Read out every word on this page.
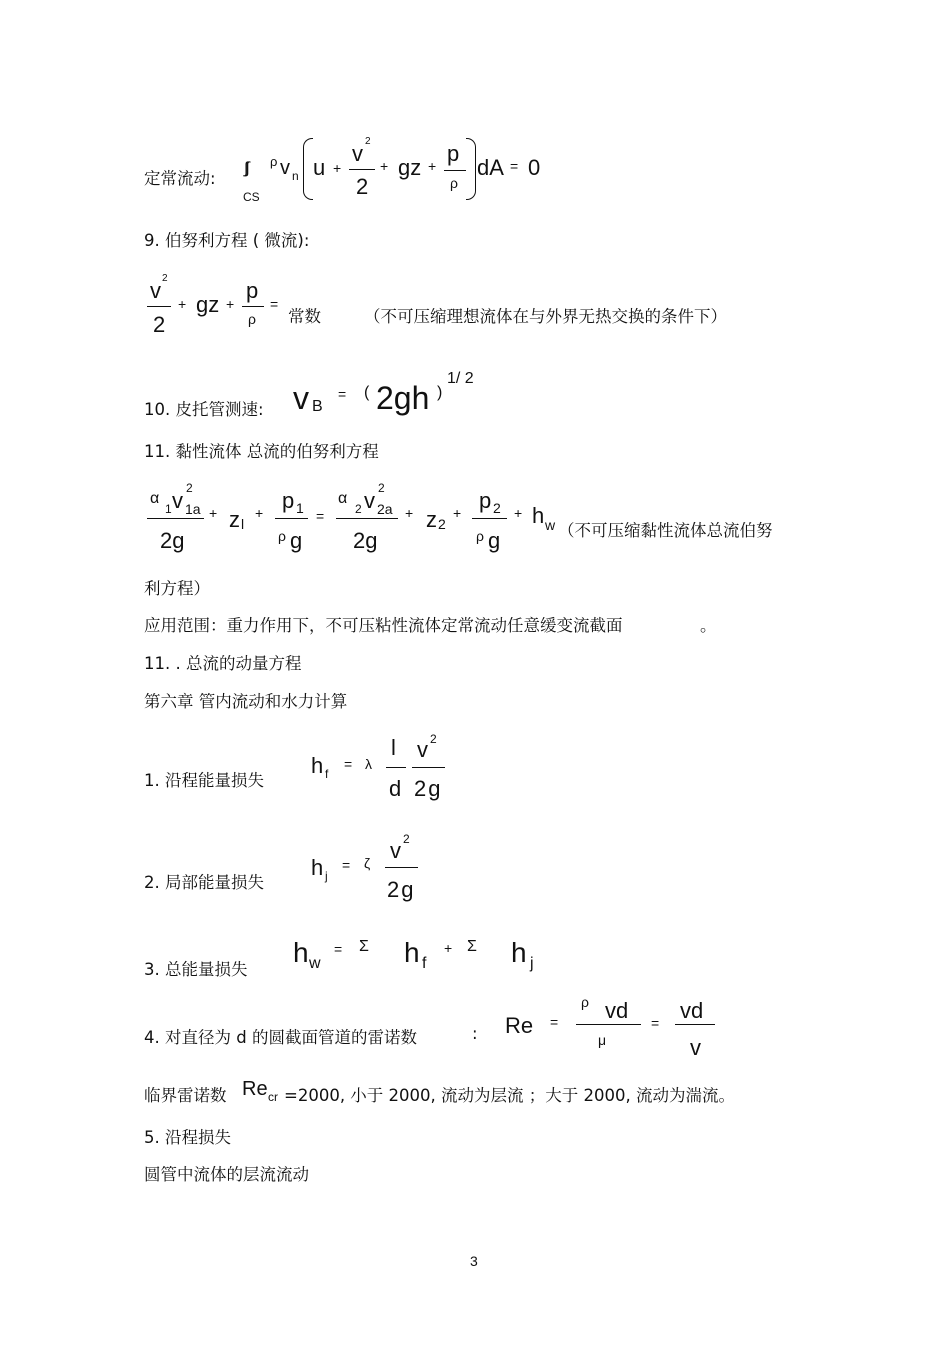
定常流动:
∫∫
CS
ρ v n u +
v 2
2
+ gz + p
ρ
dA = 0
9. 伯努利方程 ( 微流):
v 2
2
+ gz +
p
ρ
=
常数	（不可压缩理想流体在与外界无热交换的条件下）
10. 皮托管测速: v B
= ( 2gh )
1/ 2
11. 黏性流体 总流的伯努利方程
α
1 v 2
1a
2g
+ z l
+ p 1
ρ g
=
α
2 v 2
2a
2g
+ z 2
+ p 2
ρ g
+ h w （不可压缩黏性流体总流伯努
利方程）
应用范围：重力作用下，不可压粘性流体定常流动任意缓变流截面	。
11. . 总流的动量方程
第六章 管内流动和水力计算
1. 沿程能量损失
h f
= λ
l
d
v 2
2g
2. 局部能量损失
h j
= ζ v 2
2g
3. 总能量损失
h w
= Σ h f
+ Σ h j
4. 对直径为 d 的圆截面管道的雷诺数	: Re =
ρ vd
μ
= vd
v
临界雷诺数 Re cr =2000, 小于 2000, 流动为层流 ；大于 2000, 流动为湍流。
5. 沿程损失
圆管中流体的层流流动
3
